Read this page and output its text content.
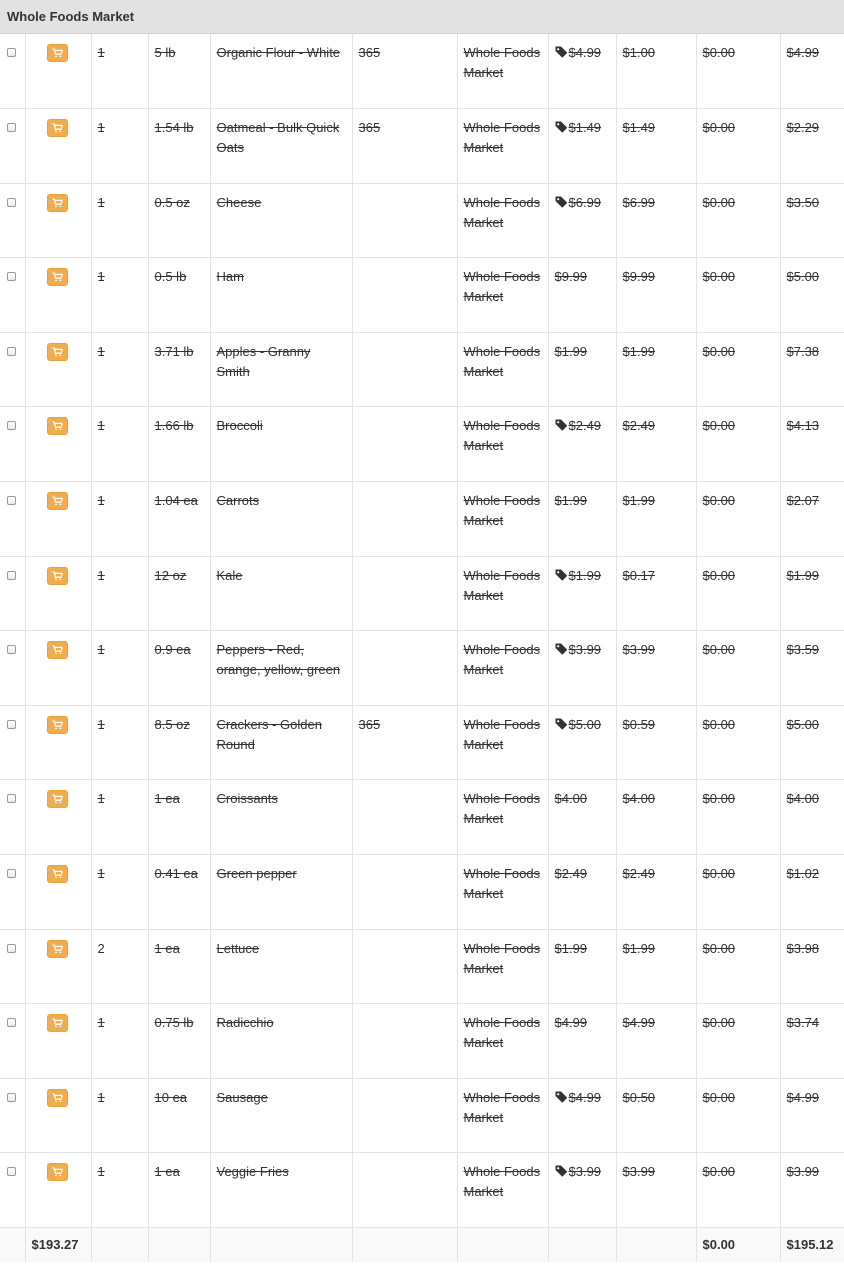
Whole Foods Market

	1	5 lb	Organic Flour - White	365	Whole Foods Market	$4.99	$1.00	$0.00	$4.99

	1	1.54 lb	Oatmeal - Bulk Quick Oats	365	Whole Foods Market	$1.49	$1.49	$0.00	$2.29

	1	0.5 oz	Cheese		Whole Foods Market	$6.99	$6.99	$0.00	$3.50

	1	0.5 lb	Ham		Whole Foods Market	$9.99	$9.99	$0.00	$5.00

	1	3.71 lb	Apples - Granny Smith		Whole Foods Market	$1.99	$1.99	$0.00	$7.38

	1	1.66 lb	Broccoli		Whole Foods Market	$2.49	$2.49	$0.00	$4.13

	1	1.04 ea	Carrots		Whole Foods Market	$1.99	$1.99	$0.00	$2.07

	1	12 oz	Kale		Whole Foods Market	$1.99	$0.17	$0.00	$1.99

	1	0.9 ea	Peppers - Red, orange, yellow, green		Whole Foods Market	$3.99	$3.99	$0.00	$3.59

	1	8.5 oz	Crackers - Golden Round	365	Whole Foods Market	$5.00	$0.59	$0.00	$5.00

	1	1 ea	Croissants		Whole Foods Market	$4.00	$4.00	$0.00	$4.00

	1	0.41 ea	Green pepper		Whole Foods Market	$2.49	$2.49	$0.00	$1.02

	2	1 ea	Lettuce		Whole Foods Market	$1.99	$1.99	$0.00	$3.98

	1	0.75 lb	Radicchio		Whole Foods Market	$4.99	$4.99	$0.00	$3.74

	1	10 ea	Sausage		Whole Foods Market	$4.99	$0.50	$0.00	$4.99

	1	1 ea	Veggie Fries		Whole Foods Market	$3.99	$3.99	$0.00	$3.99
	$193.27								$0.00	$195.12
